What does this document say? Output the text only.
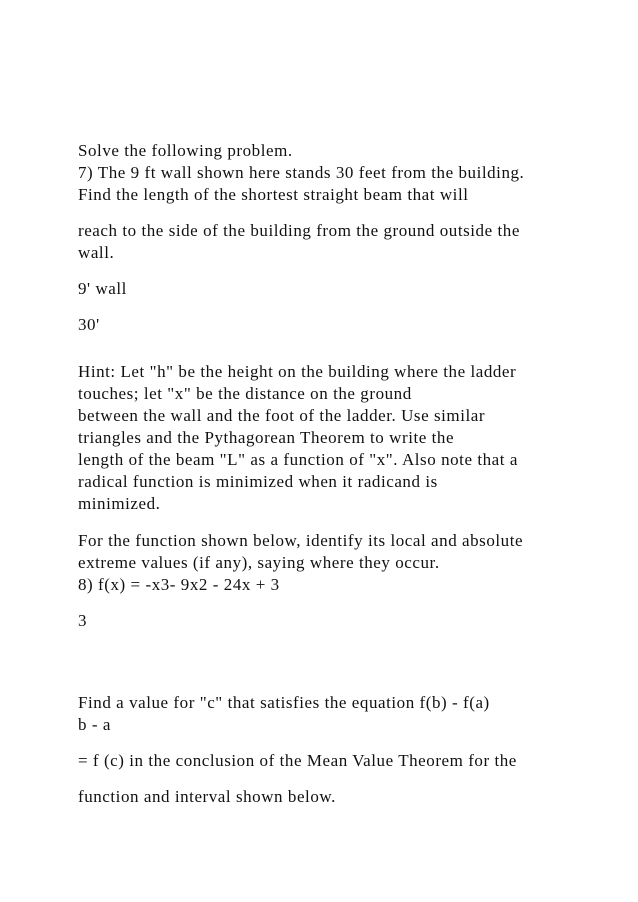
Solve the following problem.

7) The 9 ft wall shown here stands 30 feet from the building.

Find the length of the shortest straight beam that will

reach to the side of the building from the ground outside the

wall.

9' wall

30'

Hint: Let "h" be the height on the building where the ladder

touches; let "x" be the distance on the ground

between the wall and the foot of the ladder. Use similar

triangles and the Pythagorean Theorem to write the

length of the beam "L" as a function of "x". Also note that a

radical function is minimized when it radicand is

minimized.

For the function shown below, identify its local and absolute

extreme values (if any), saying where they occur.

8) f(x) = -x3- 9x2 - 24x + 3

3

Find a value for "c" that satisfies the equation f(b) - f(a)

b - a

= f (c) in the conclusion of the Mean Value Theorem for the

function and interval shown below.
